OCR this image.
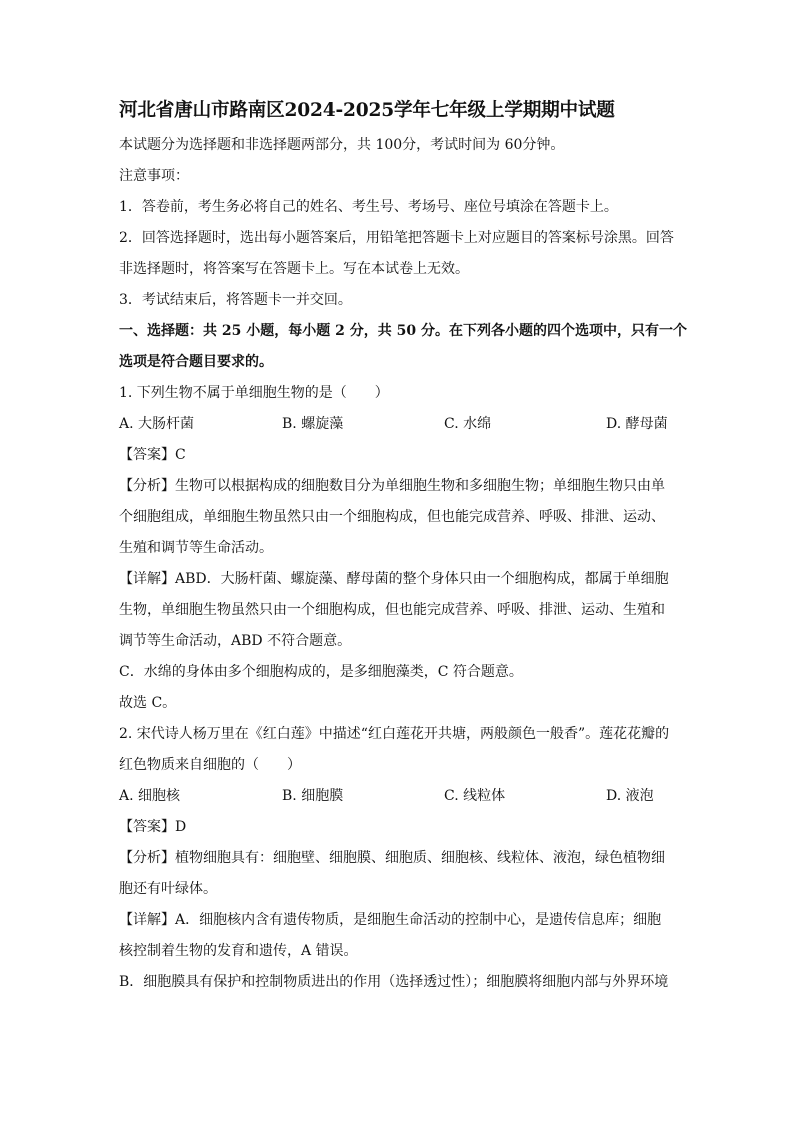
河北省唐山市路南区2024-2025学年七年级上学期期中试题

本试题分为选择题和非选择题两部分，共 100分，考试时间为 60分钟。

注意事项：

1．答卷前，考生务必将自己的姓名、考生号、考场号、座位号填涂在答题卡上。

2．回答选择题时，选出每小题答案后，用铅笔把答题卡上对应题目的答案标号涂黑。回答

非选择题时，将答案写在答题卡上。写在本试卷上无效。

3．考试结束后，将答题卡一并交回。

一、选择题：共 25 小题，每小题 2 分，共 50 分。在下列各小题的四个选项中，只有一个

选项是符合题目要求的。

1. 下列生物不属于单细胞生物的是（　　）

A. 大肠杆菌	B. 螺旋藻	C. 水绵	D. 酵母菌

【答案】C

【分析】生物可以根据构成的细胞数目分为单细胞生物和多细胞生物；单细胞生物只由单

个细胞组成，单细胞生物虽然只由一个细胞构成，但也能完成营养、呼吸、排泄、运动、

生殖和调节等生命活动。

【详解】ABD．大肠杆菌、螺旋藻、酵母菌的整个身体只由一个细胞构成，都属于单细胞

生物，单细胞生物虽然只由一个细胞构成，但也能完成营养、呼吸、排泄、运动、生殖和

调节等生命活动，ABD 不符合题意。

C．水绵的身体由多个细胞构成的，是多细胞藻类，C 符合题意。

故选 C。

2. 宋代诗人杨万里在《红白莲》中描述“红白莲花开共塘，两般颜色一般香”。莲花花瓣的

红色物质来自细胞的（　　）

A. 细胞核	B. 细胞膜	C. 线粒体	D. 液泡

【答案】D

【分析】植物细胞具有：细胞壁、细胞膜、细胞质、细胞核、线粒体、液泡，绿色植物细

胞还有叶绿体。

【详解】A．细胞核内含有遗传物质，是细胞生命活动的控制中心，是遗传信息库；细胞

核控制着生物的发育和遗传，A 错误。

B．细胞膜具有保护和控制物质进出的作用（选择透过性）；细胞膜将细胞内部与外界环境
